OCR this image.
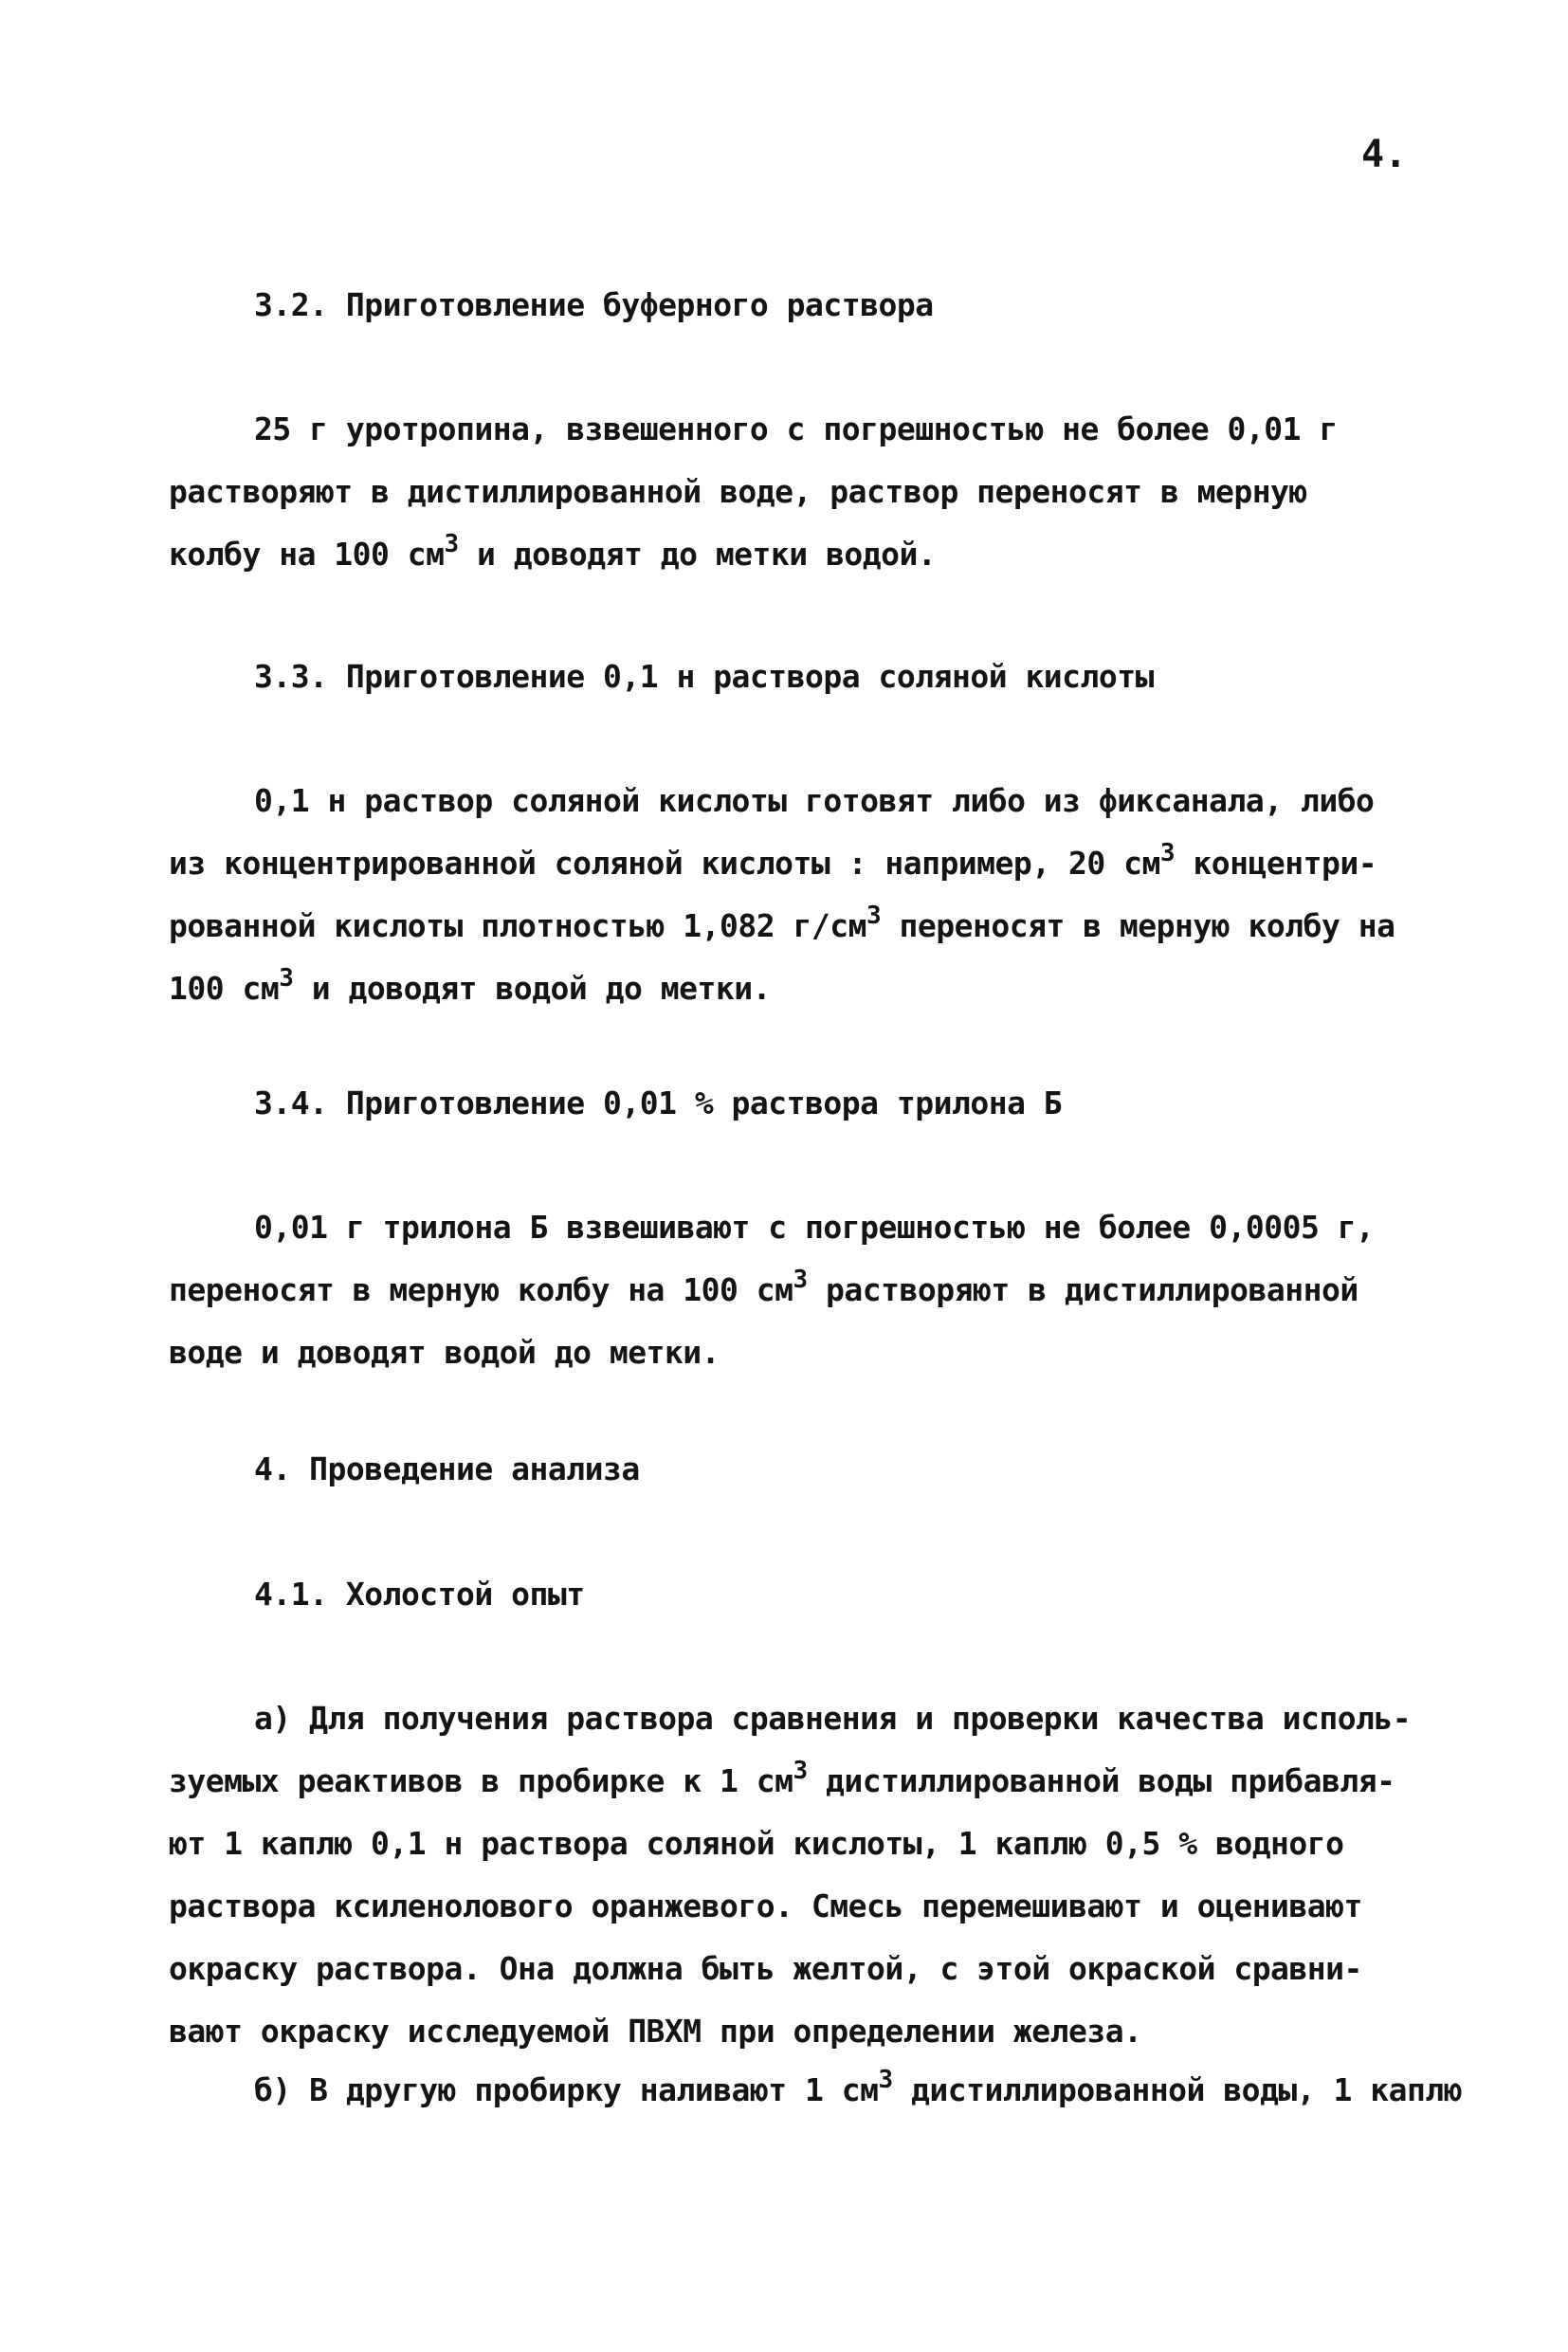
4.
3.2. Приготовление буферного раствора
25 г уротропина, взвешенного с погрешностью не более 0,01 г
растворяют в дистиллированной воде, раствор переносят в мерную
колбу на 100 $см^3$ и доводят до метки водой.
3.3. Приготовление 0,1 н раствора соляной кислоты
0,1 н раствор соляной кислоты готовят либо из фиксанала, либо
из концентрированной соляной кислоты : например, 20 $см^3$ концентри-
рованной кислоты плотностью 1,082 $г/см^3$ переносят в мерную колбу на
100 $см^3$ и доводят водой до метки.
3.4. Приготовление 0,01 % раствора трилона Б
0,01 г трилона Б взвешивают с погрешностью не более 0,0005 г,
переносят в мерную колбу на 100 $см^3$ растворяют в дистиллированной
воде и доводят водой до метки.
4. Проведение анализа
4.1. Холостой опыт
а) Для получения раствора сравнения и проверки качества исполь-
зуемых реактивов в пробирке к 1 $см^3$ дистиллированной воды прибавля-
ют 1 каплю 0,1 н раствора соляной кислоты, 1 каплю 0,5 % водного
раствора ксиленолового оранжевого. Смесь перемешивают и оценивают
окраску раствора. Она должна быть желтой, с этой окраской сравни-
вают окраску исследуемой ПВХМ при определении железа.
б) В другую пробирку наливают 1 $см^3$ дистиллированной воды, 1 каплю
